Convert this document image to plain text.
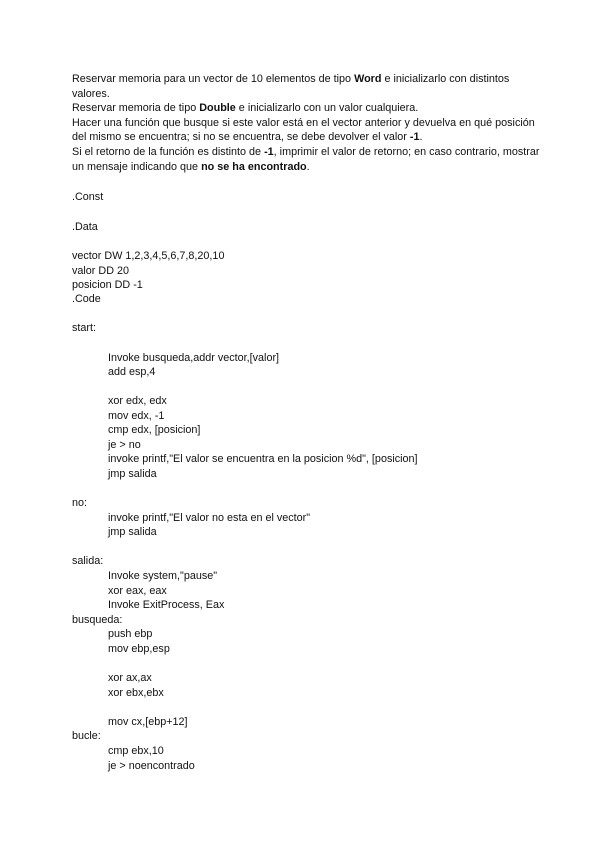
Reservar memoria para un vector de 10 elementos de tipo Word e inicializarlo con distintos valores.

Reservar memoria de tipo Double e inicializarlo con un valor cualquiera.

Hacer una función que busque si este valor está en el vector anterior y devuelva en qué posición del mismo se encuentra; si no se encuentra, se debe devolver el valor -1.

Si el retorno de la función es distinto de -1, imprimir el valor de retorno; en caso contrario, mostrar un mensaje indicando que no se ha encontrado.

.Const
.Data
vector DW 1,2,3,4,5,6,7,8,20,10
valor DD 20
posicion DD -1
.Code
start:
Invoke busqueda,addr vector,[valor]
add esp,4
xor edx, edx
mov edx, -1
cmp edx, [posicion]
je > no
invoke printf,"El valor se encuentra en la posicion %d", [posicion]
jmp salida
no:
invoke printf,"El valor no esta en el vector"
jmp salida
salida:
Invoke system,"pause"
xor eax, eax
Invoke ExitProcess, Eax
busqueda:
push ebp
mov ebp,esp
xor ax,ax
xor ebx,ebx
mov cx,[ebp+12]
bucle:
cmp ebx,10
je > noencontrado
